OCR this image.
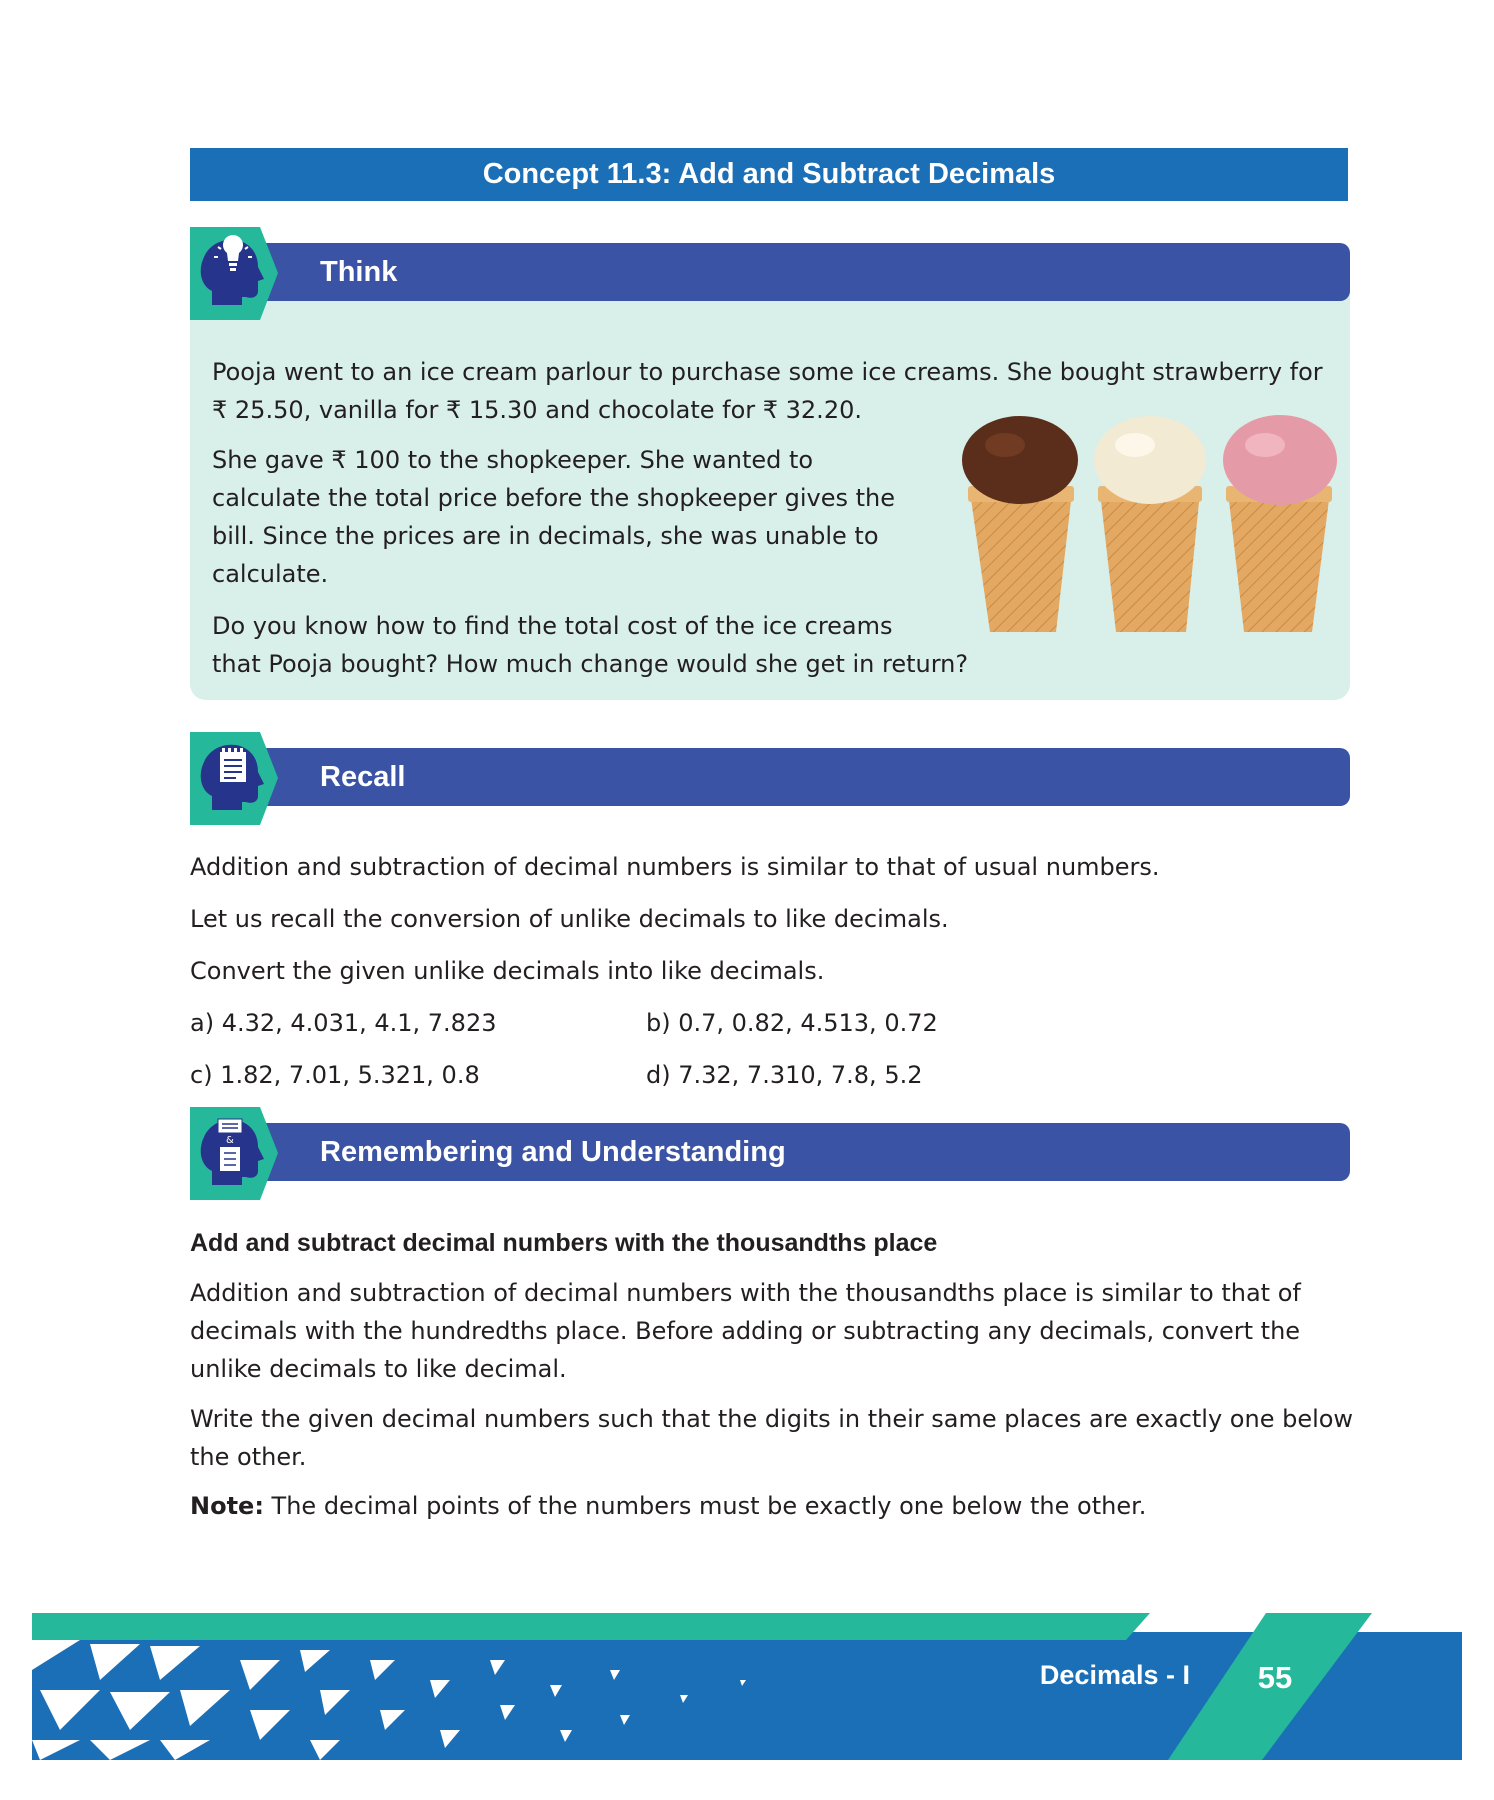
Concept 11.3: Add and Subtract Decimals
Think

Pooja went to an ice cream parlour to purchase some ice creams. She bought strawberry for ₹ 25.50, vanilla for ₹ 15.30 and chocolate for ₹ 32.20.

She gave ₹ 100 to the shopkeeper. She wanted to
calculate the total price before the shopkeeper gives the
bill. Since the prices are in decimals, she was unable to
calculate.
Do you know how to find the total cost of the ice creams
that Pooja bought? How much change would she get in return?
Recall

Addition and subtraction of decimal numbers is similar to that of usual numbers.

Let us recall the conversion of unlike decimals to like decimals.

Convert the given unlike decimals into like decimals.

a) 4.32, 4.031, 4.1, 7.823	b) 0.7, 0.82, 4.513, 0.72

c) 1.82, 7.01, 5.321, 0.8	d) 7.32, 7.310, 7.8, 5.2

Remembering and Understanding
&

Add and subtract decimal numbers with the thousandths place

Addition and subtraction of decimal numbers with the thousandths place is similar to that of decimals with the hundredths place. Before adding or subtracting any decimals, convert the unlike decimals to like decimal.

Write the given decimal numbers such that the digits in their same places are exactly one below the other.

Note: The decimal points of the numbers must be exactly one below the other.

Decimals - I	55
